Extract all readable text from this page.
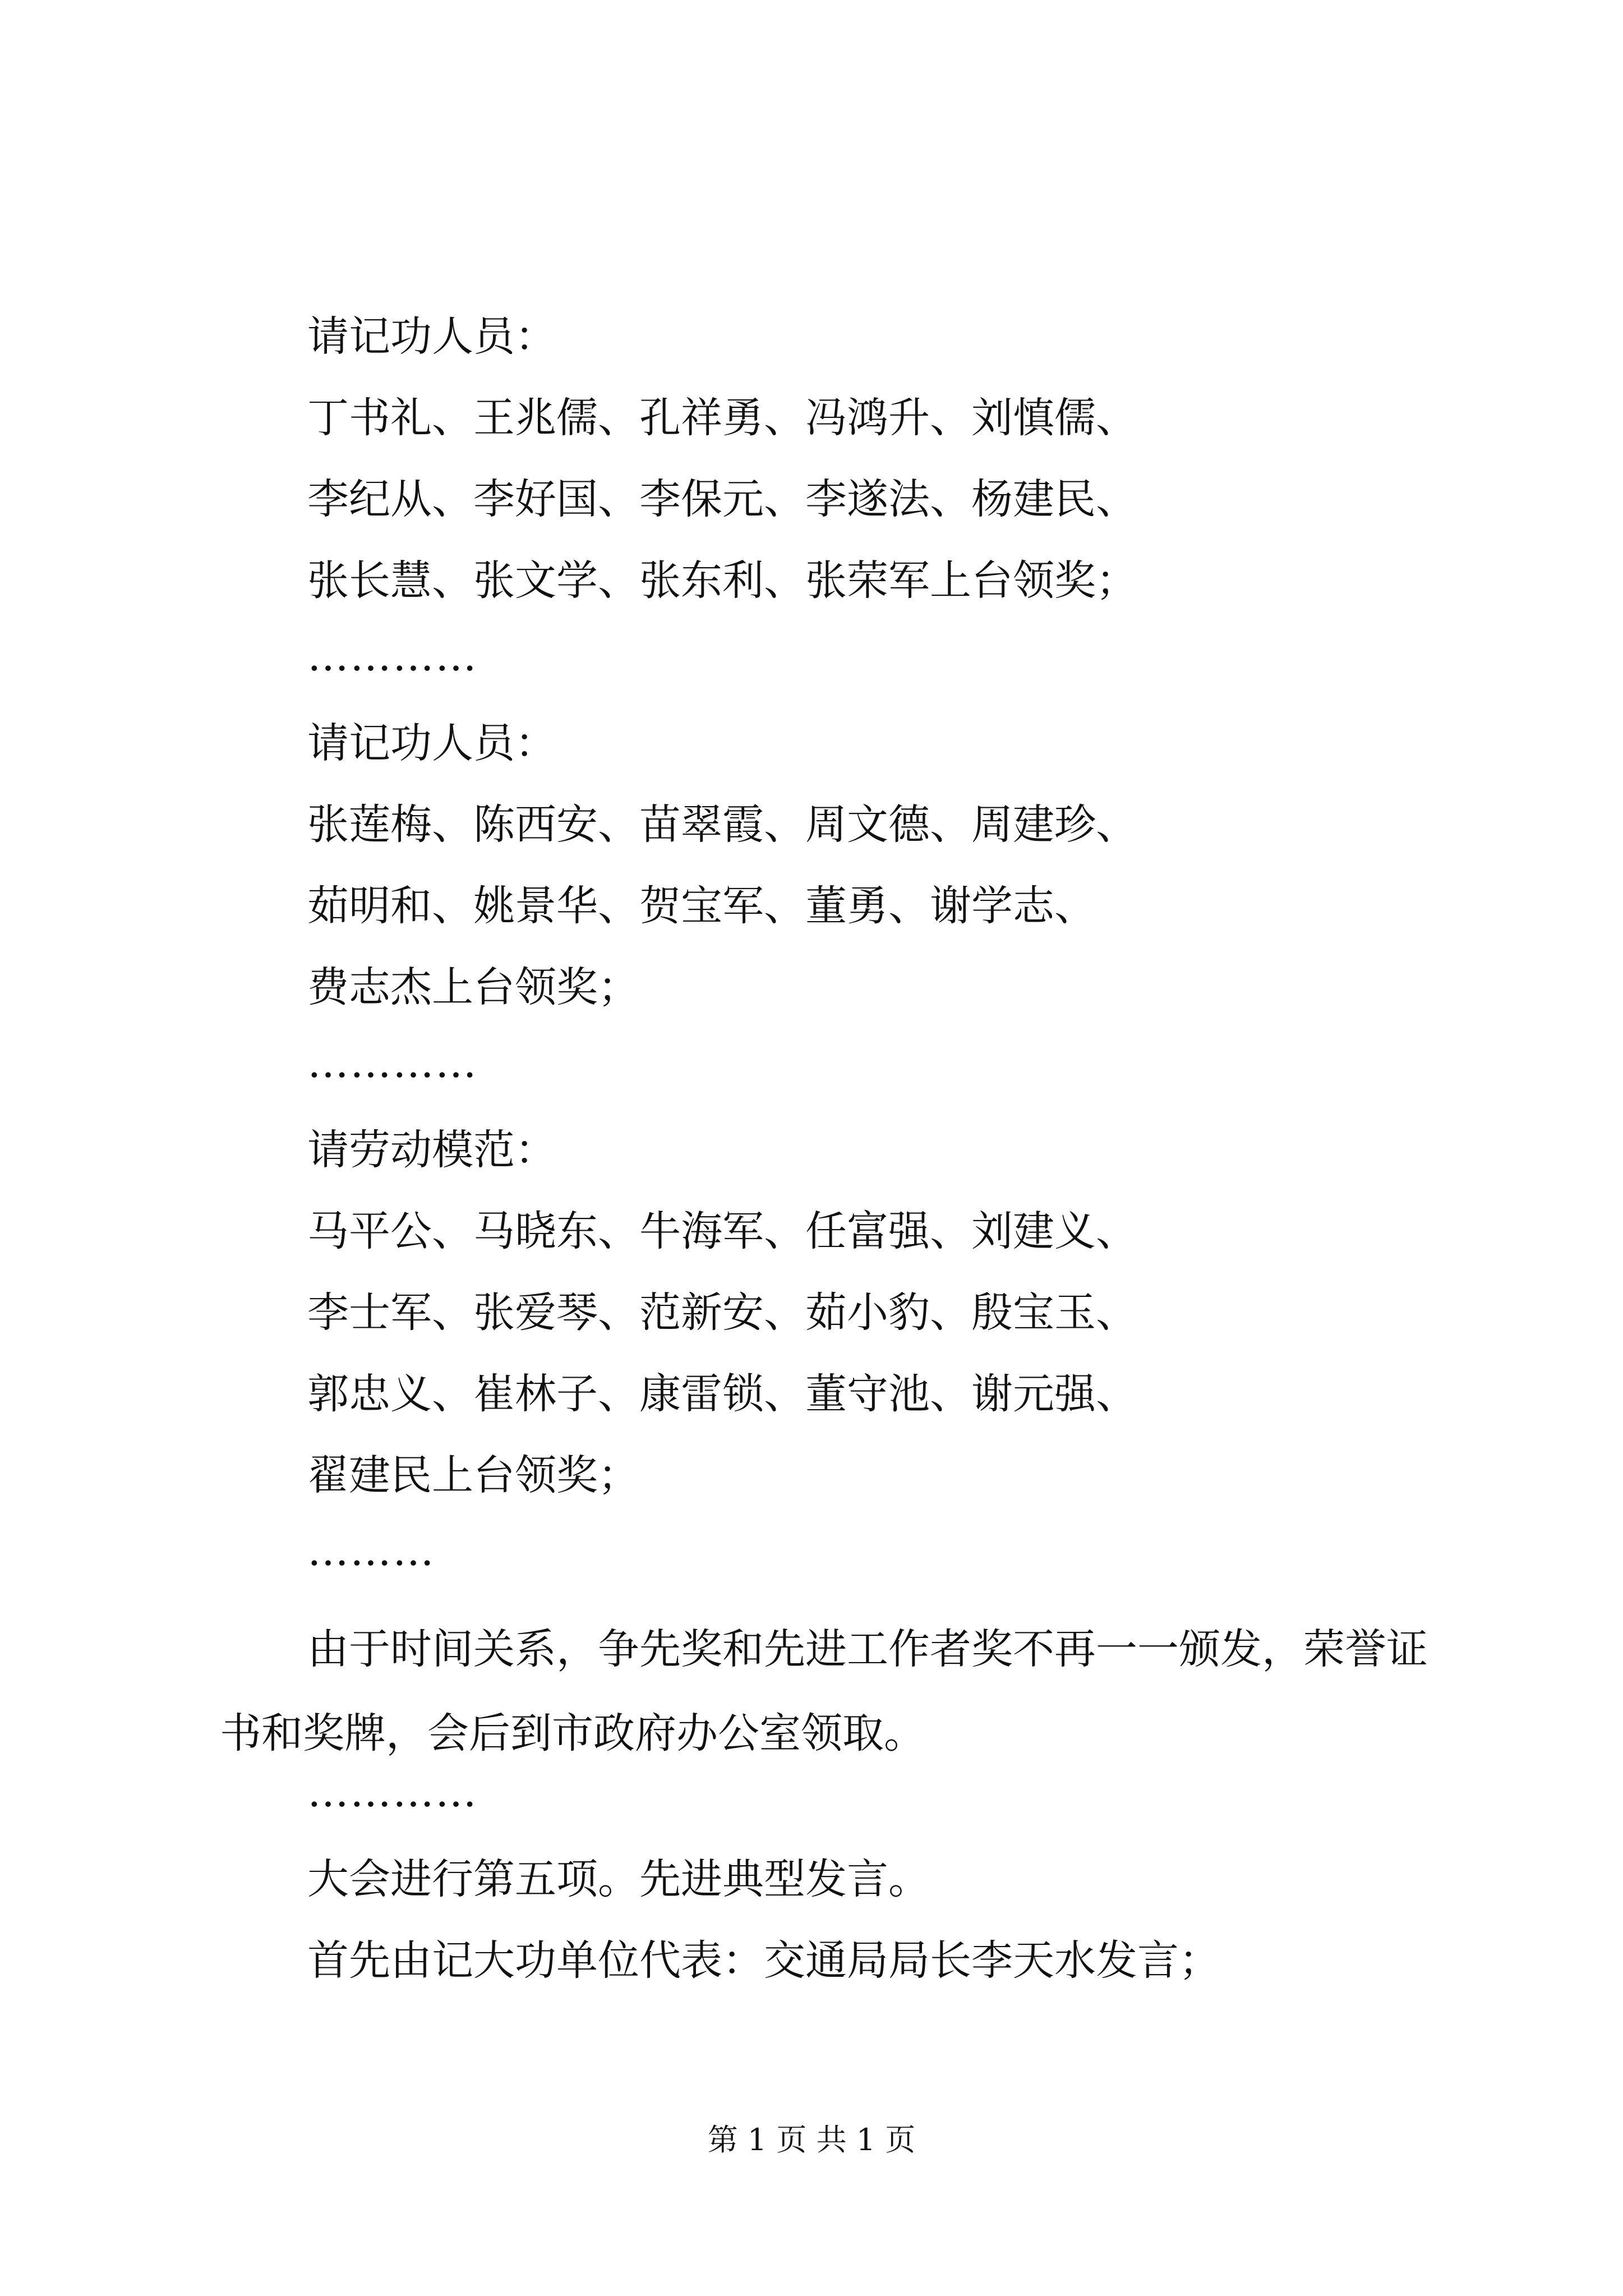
请记功人员：

丁书礼、王兆儒、孔祥勇、冯鸿升、刘慎儒、

李纪从、李好国、李保元、李遂法、杨建民、

张长慧、张文学、张东利、张荣军上台领奖；

…………

请记功人员：

张莲梅、陈西安、苗翠霞、周文德、周建珍、

茹明和、姚景华、贺宝军、董勇、谢学志、

费志杰上台领奖；

…………

请劳动模范：

马平公、马晓东、牛海军、任富强、刘建义、

李士军、张爱琴、范新安、茹小豹、殷宝玉、

郭忠义、崔林子、康雷锁、董守池、谢元强、

翟建民上台领奖；

………

由于时间关系，争先奖和先进工作者奖不再一一颁发，荣誉证书和奖牌，会后到市政府办公室领取。

…………

大会进行第五项。先进典型发言。

首先由记大功单位代表：交通局局长李天水发言；

第 1 页 共 1 页
